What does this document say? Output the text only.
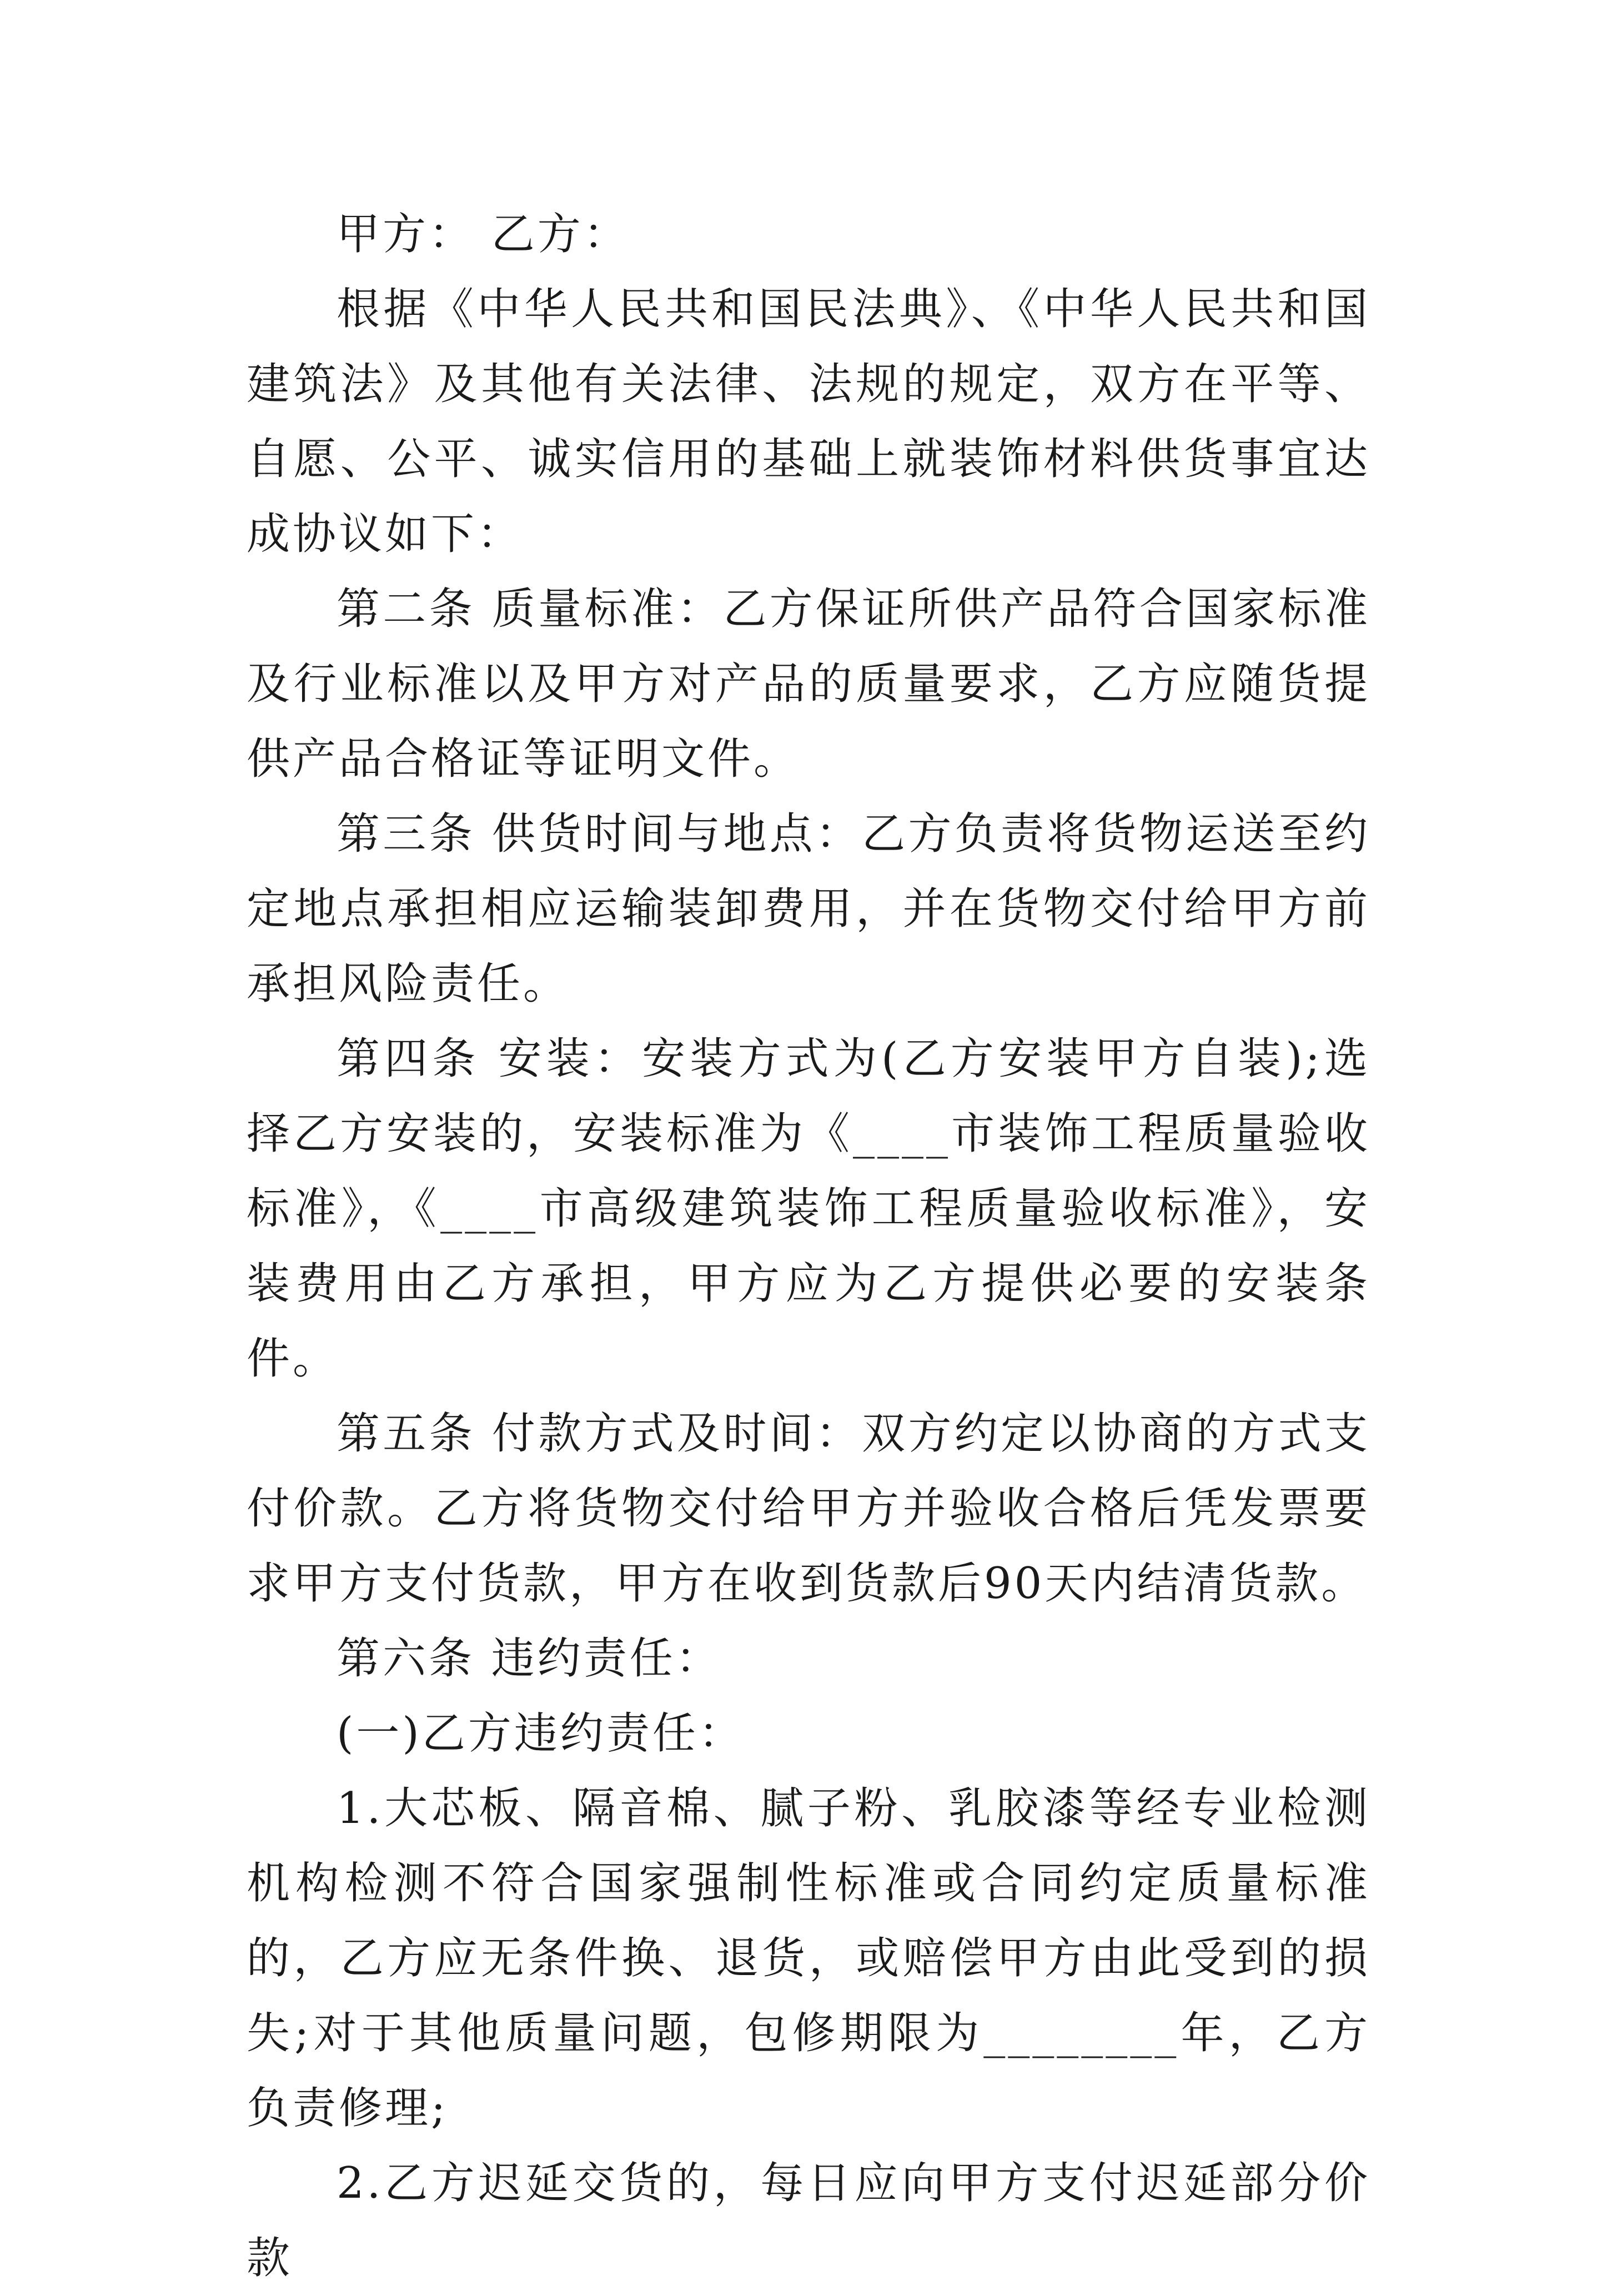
甲方： 乙方：

根据《中华人民共和国民法典》、《中华人民共和国建筑法》及其他有关法律、法规的规定，双方在平等、自愿、公平、诚实信用的基础上就装饰材料供货事宜达成协议如下：

第二条 质量标准：乙方保证所供产品符合国家标准及行业标准以及甲方对产品的质量要求，乙方应随货提供产品合格证等证明文件。

第三条 供货时间与地点：乙方负责将货物运送至约定地点承担相应运输装卸费用，并在货物交付给甲方前承担风险责任。

第四条 安装：安装方式为(乙方安装甲方自装);选择乙方安装的，安装标准为《____市装饰工程质量验收标准》，《____市高级建筑装饰工程质量验收标准》，安装费用由乙方承担，甲方应为乙方提供必要的安装条件。

第五条 付款方式及时间：双方约定以协商的方式支付价款。乙方将货物交付给甲方并验收合格后凭发票要求甲方支付货款，甲方在收到货款后90天内结清货款。

第六条 违约责任：

(一)乙方违约责任：

1.大芯板、隔音棉、腻子粉、乳胶漆等经专业检测机构检测不符合国家强制性标准或合同约定质量标准的，乙方应无条件换、退货，或赔偿甲方由此受到的损失;对于其他质量问题，包修期限为________年，乙方负责修理;

2.乙方迟延交货的，每日应向甲方支付迟延部分价款
